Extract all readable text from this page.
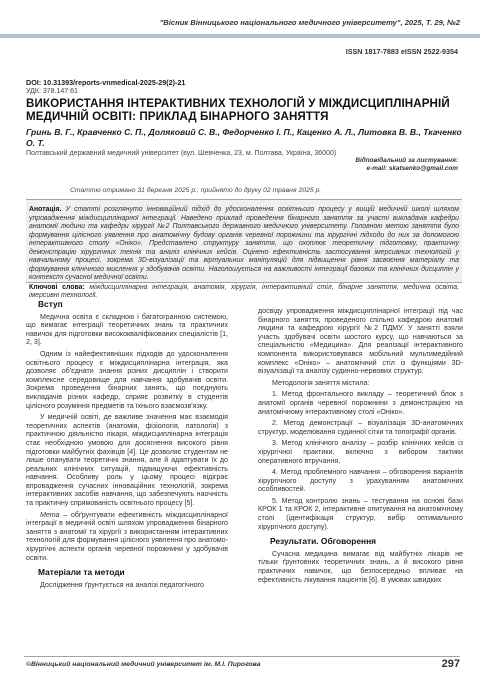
"Вісник Вінницького національного медичного університету", 2025, Т. 29, №2
ISSN 1817-7883 eISSN 2522-9354
DOI: 10.31393/reports-vnmedical-2025-29(2)-21
УДК: 378.147:61
ВИКОРИСТАННЯ ІНТЕРАКТИВНИХ ТЕХНОЛОГІЙ У МІЖДИСЦИПЛІНАРНІЙ МЕДИЧНІЙ ОСВІТІ: ПРИКЛАД БІНАРНОГО ЗАНЯТТЯ
Гринь В. Г., Кравченко С. П., Доляковий С. В., Федорченко І. П., Каценко А. Л., Литовка В. В., Ткаченко О. Т.
Полтавський державний медичний університет (вул. Шевченка, 23, м. Полтава, Україна, 36000)
Відповідальний за листування:
e-mail: skatsenko@gmail.com
Статтю отримано 31 березня 2025 р.; прийнято до друку 02 травня 2025 р.
Анотація. У статті розглянуто інноваційний підхід до удосконалення освітнього процесу у вищій медичній школі шляхом упровадження міждисциплінарної інтеграції. Наведено приклад проведення бінарного заняття за участі викладачів кафедри анатомії людини та кафедри хірургії №2 Полтавського державного медичного університету. Головною метою заняття було формування цілісного уявлення про анатомічну будову органів черевної порожнини та хірургічні підходи до них за допомогою інтерактивного столу «Оніко». Представлено структуру заняття, що охоплює теоретичну підготовку, практичну демонстрацію хірургічних технік та аналіз клінічних кейсів. Оцінено ефективність застосування імерсивних технологій у навчальному процесі, зокрема 3D-візуалізації та віртуальних маніпуляцій для підвищення рівня засвоєння матеріалу та формування клінічного мислення у здобувачів освіти. Наголошується на важливості інтеграції базових та клінічних дисциплін у контексті сучасної медичної освіти.
Ключові слова: міждисциплінарна інтеграція, анатомія, хірургія, інтерактивний стіл, бінарне заняття, медична освіта, імерсивні технології.
Вступ

Медична освіта є складною і багатогранною системою, що вимагає інтеграції теоретичних знань та практичних навичок для підготовки висококваліфікованих спеціалістів [1, 2, 3].

Одним із найефективніших підходів до удосконалення освітнього процесу є міждисциплінарна інтеграція, яка дозволяє об'єднати знання різних дисциплін і створити комплексне середовище для навчання здобувачів освіти. Зокрема проведення бінарних занять, що поєднують викладачів різних кафедр, сприяє розвитку в студентів цілісного розуміння предметів та їхнього взаємозв'язку.

У медичній освіті, де важливе значення має взаємодія теоретичних аспектів (анатомія, фізіологія, патологія) з практичною діяльністю лікаря, міждисциплінарна інтеграція стає необхідною умовою для досягнення високого рівня підготовки майбутніх фахівців [4]. Це дозволяє студентам не лише опанувати теоретичні знання, але й адаптувати їх до реальних клінічних ситуацій, підвищуючи ефективність навчання. Особливу роль у цьому процесі відіграє впровадження сучасних інноваційних технологій, зокрема інтерактивних засобів навчання, що забезпечують наочність та практичну спрямованість освітнього процесу [5].

Мета – обґрунтувати ефективність міждисциплінарної інтеграції в медичній освіті шляхом упровадження бінарного заняття з анатомії та хірургії з використанням інтерактивних технологій для формування цілісного уявлення про анатомо-хірургічні аспекти органів черевної порожнини у здобувачів освіти.

Матеріали та методи

Дослідження ґрунтується на аналізі педагогічного

досвіду упровадження міждисциплінарної інтеграції під час бінарного заняття, проведеного спільно кафедрою анатомії людини та кафедрою хірургії №2 ПДМУ. У занятті взяли участь здобувачі освіти шостого курсу, що навчаються за спеціальністю «Медицина». Для реалізації інтерактивного компонента використовувався мобільний мультимедійний комплекс «Оніко» – анатомічний стіл із функціями 3D-візуалізації та аналізу судинно-нервових структур.

Методологія заняття містила:

1. Метод фронтального викладу – теоретичний блок з анатомії органів черевної порожнини з демонстрацією на анатомічному інтерактивному столі «Оніко».

2. Метод демонстрації – візуалізація 3D-анатомічних структур, моделювання судинної сітки та топографії органів.

3. Метод клінічного аналізу – розбір клінічних кейсів із хірургічної практики, включно з вибором тактики оперативного втручання.

4. Метод проблемного навчання – обговорення варіантів хірургічного доступу з урахуванням анатомічних особливостей.

5. Метод контролю знань – тестування на основі бази КРОК 1 та КРОК 2, інтерактивне опитування на анатомічному столі (ідентифікація структур, вибір оптимального хірургічного доступу).

Результати. Обговорення

Сучасна медицина вимагає від майбутніх лікарів не тільки ґрунтовних теоретичних знань, а й високого рівня практичних навичок, що безпосередньо впливає на ефективність лікування пацієнтів [6]. В умовах швидких

©Вінницький національний медичний університет ім. М.І. Пирогова	297
